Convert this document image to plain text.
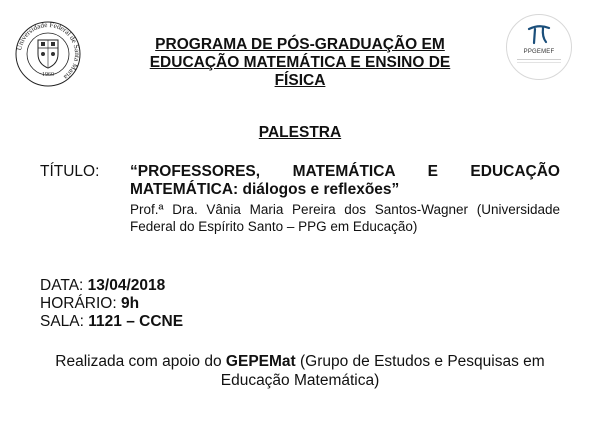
Universidade Federal de Santa Maria
1960
PPGEMEF
PROGRAMA DE PÓS-GRADUAÇÃO EM EDUCAÇÃO MATEMÁTICA E ENSINO DE FÍSICA
PALESTRA
TÍTULO: “PROFESSORES, MATEMÁTICA E EDUCAÇÃO MATEMÁTICA: diálogos e reflexões”
Prof.ª Dra. Vânia Maria Pereira dos Santos-Wagner (Universidade Federal do Espírito Santo – PPG em Educação)
DATA: 13/04/2018
HORÁRIO: 9h
SALA: 1121 – CCNE
Realizada com apoio do GEPEMat (Grupo de Estudos e Pesquisas em Educação Matemática)
